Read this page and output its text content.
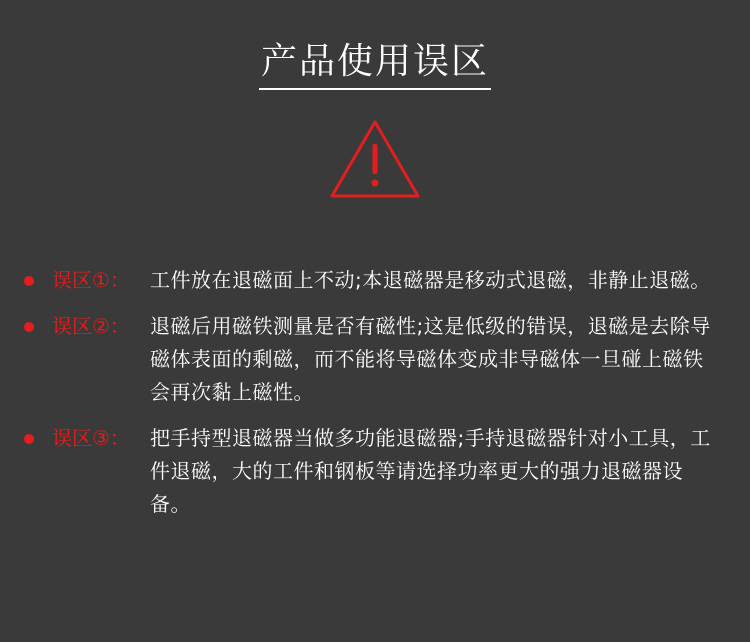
产品使用误区
误区①：	工件放在退磁面上不动;本退磁器是移动式退磁，非静止退磁。
误区②：	退磁后用磁铁测量是否有磁性;这是低级的错误，退磁是去除导磁体表面的剩磁，而不能将导磁体变成非导磁体一旦碰上磁铁会再次黏上磁性。
误区③：	把手持型退磁器当做多功能退磁器;手持退磁器针对小工具，工件退磁，大的工件和钢板等请选择功率更大的强力退磁器设备。
